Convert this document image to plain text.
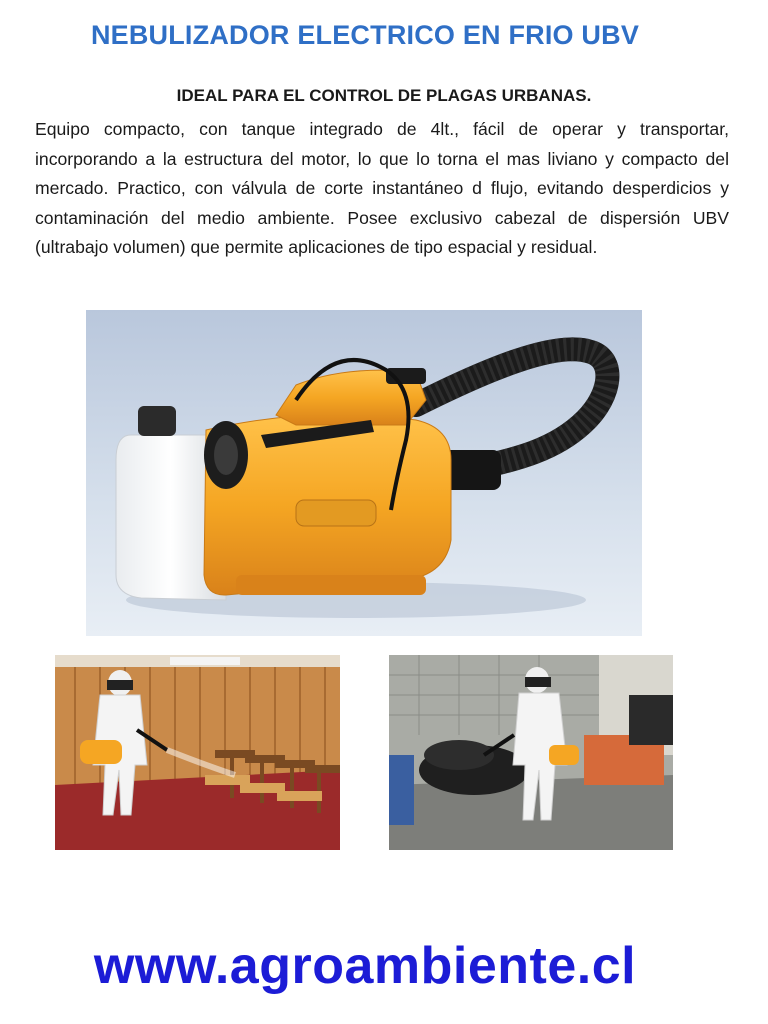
NEBULIZADOR ELECTRICO EN FRIO UBV
IDEAL PARA EL CONTROL DE PLAGAS URBANAS.
Equipo compacto, con tanque integrado de 4lt., fácil de operar y transportar, incorporando a la estructura del motor, lo que lo torna el mas liviano y compacto del mercado. Practico, con válvula de corte instantáneo d flujo, evitando desperdicios y contaminación del medio ambiente. Posee exclusivo cabezal de dispersión UBV (ultrabajo volumen) que permite aplicaciones de tipo espacial y residual.
www.agroambiente.cl
